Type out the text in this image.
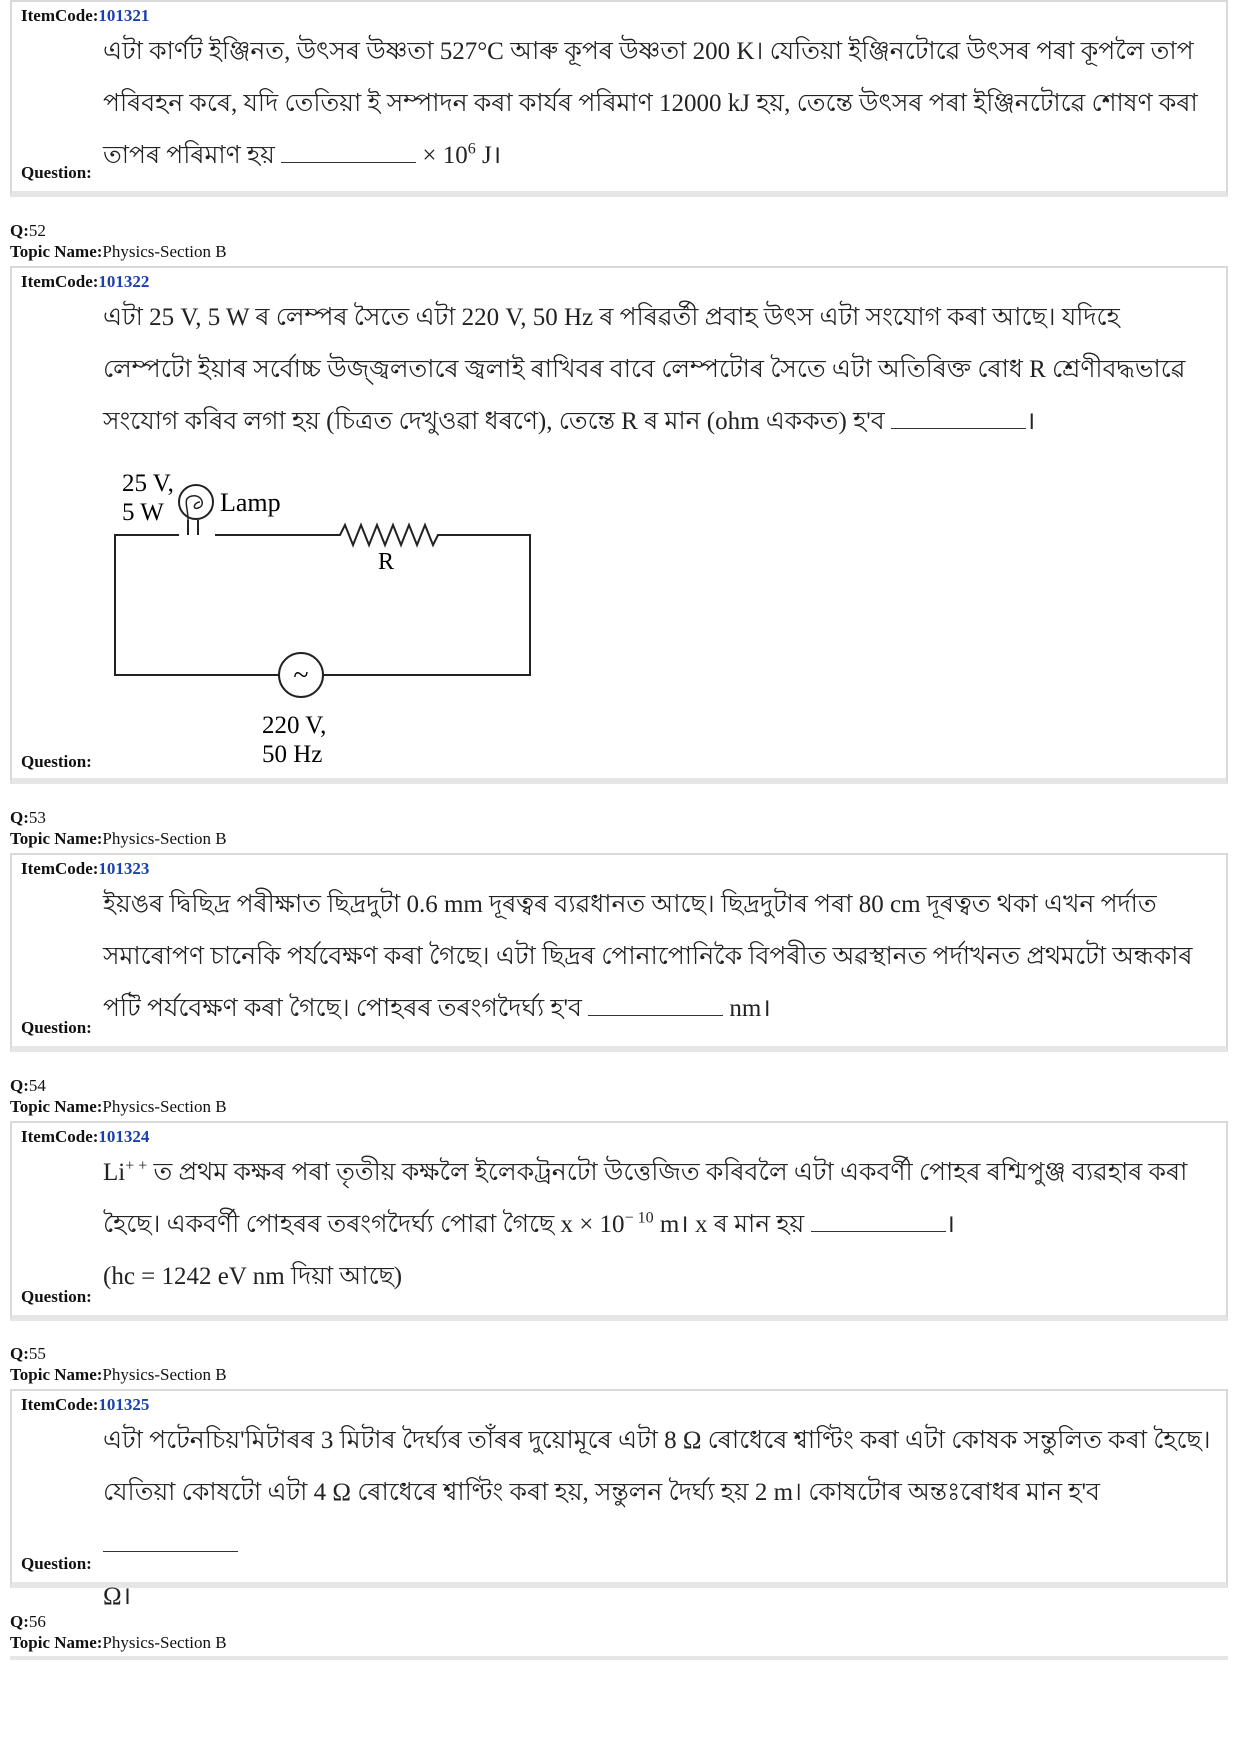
ItemCode:101321
এটা কাৰ্ণট ইঞ্জিনত, উৎসৰ উষ্ণতা 527°C আৰু কূপৰ উষ্ণতা 200 K। যেতিয়া ইঞ্জিনটোৱে উৎসৰ পৰা কূপলৈ তাপ
পৰিবহন কৰে, যদি তেতিয়া ই সম্পাদন কৰা কাৰ্যৰ পৰিমাণ 12000 kJ হয়, তেন্তে উৎসৰ পৰা ইঞ্জিনটোৱে শোষণ কৰা
তাপৰ পৰিমাণ হয়	× $10^6$ J।
Question:
Q:52
Topic Name:Physics-Section B
ItemCode:101322
এটা 25 V, 5 W ৰ লেম্পৰ সৈতে এটা 220 V, 50 Hz ৰ পৰিৱৰ্তী প্ৰবাহ উৎস এটা সংযোগ কৰা আছে। যদিহে
লেম্পটো ইয়াৰ সৰ্বোচ্চ উজ্জ্বলতাৰে জ্বলাই ৰাখিবৰ বাবে লেম্পটোৰ সৈতে এটা অতিৰিক্ত ৰোধ R শ্ৰেণীবদ্ধভাৱে
সংযোগ কৰিব লগা হয় (চিত্ৰত দেখুওৱা ধৰণে), তেন্তে R ৰ মান (ohm এককত) হ'ব	।
R
Lamp
25 V,
5 W
~
220 V,
50 Hz
Question:
Q:53
Topic Name:Physics-Section B
ItemCode:101323
ইয়ঙৰ দ্বিছিদ্ৰ পৰীক্ষাত ছিদ্ৰদুটা 0.6 mm দূৰত্বৰ ব্যৱধানত আছে। ছিদ্ৰদুটাৰ পৰা 80 cm দূৰত্বত থকা এখন পৰ্দাত
সমাৰোপণ চানেকি পৰ্যবেক্ষণ কৰা গৈছে। এটা ছিদ্ৰৰ পোনাপোনিকৈ বিপৰীত অৱস্থানত পৰ্দাখনত প্ৰথমটো অন্ধকাৰ
পটি পৰ্যবেক্ষণ কৰা গৈছে। পোহৰৰ তৰংগদৈৰ্ঘ্য হ'ব	nm।
Question:
Q:54
Topic Name:Physics-Section B
ItemCode:101324
Li+ + ত প্ৰথম কক্ষৰ পৰা তৃতীয় কক্ষলৈ ইলেকট্ৰনটো উত্তেজিত কৰিবলৈ এটা একবৰ্ণী পোহৰ ৰশ্মিপুঞ্জ ব্যৱহাৰ কৰা
হৈছে। একবৰ্ণী পোহৰৰ তৰংগদৈৰ্ঘ্য পোৱা গৈছে $x \times 10^{- 10}$ m। x ৰ মান হয়	।
(hc = 1242 eV nm দিয়া আছে)
Question:
Q:55
Topic Name:Physics-Section B
ItemCode:101325
এটা পটেনচিয়'মিটাৰৰ 3 মিটাৰ দৈৰ্ঘ্যৰ তাঁৰৰ দুয়োমূৰে এটা 8 Ω ৰোধেৰে শ্বাণ্টিং কৰা এটা কোষক সন্তুলিত কৰা হৈছে।
যেতিয়া কোষটো এটা 4 Ω ৰোধেৰে শ্বাণ্টিং কৰা হয়, সন্তুলন দৈৰ্ঘ্য হয় 2 m। কোষটোৰ অন্তঃৰোধৰ মান হ'ব
Ω।
Question:
Q:56
Topic Name:Physics-Section B
